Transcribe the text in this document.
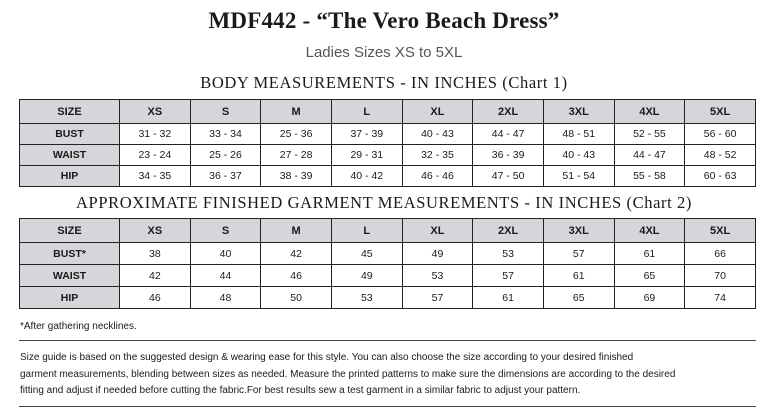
MDF442 - “The Vero Beach Dress”
Ladies Sizes XS to 5XL
BODY MEASUREMENTS - IN INCHES (Chart 1)
SIZE	XS	S	M	L	XL	2XL	3XL	4XL	5XL
BUST	31 - 32	33 - 34	25 - 36	37 - 39	40 - 43	44 - 47	48 - 51	52 - 55	56 - 60
WAIST	23 - 24	25 - 26	27 - 28	29 - 31	32 - 35	36 - 39	40 - 43	44 - 47	48 - 52
HIP	34 - 35	36 - 37	38 - 39	40 - 42	46 - 46	47 - 50	51 - 54	55 - 58	60 - 63
APPROXIMATE FINISHED GARMENT MEASUREMENTS - IN INCHES (Chart 2)
SIZE	XS	S	M	L	XL	2XL	3XL	4XL	5XL
BUST*	38	40	42	45	49	53	57	61	66
WAIST	42	44	46	49	53	57	61	65	70
HIP	46	48	50	53	57	61	65	69	74
*After gathering necklines.
Size guide is based on the suggested design & wearing ease for this style. You can also choose the size according to your desired finished
garment measurements, blending between sizes as needed. Measure the printed patterns to make sure the dimensions are according to the desired
fitting and adjust if needed before cutting the fabric.For best results sew a test garment in a similar fabric to adjust your pattern.
